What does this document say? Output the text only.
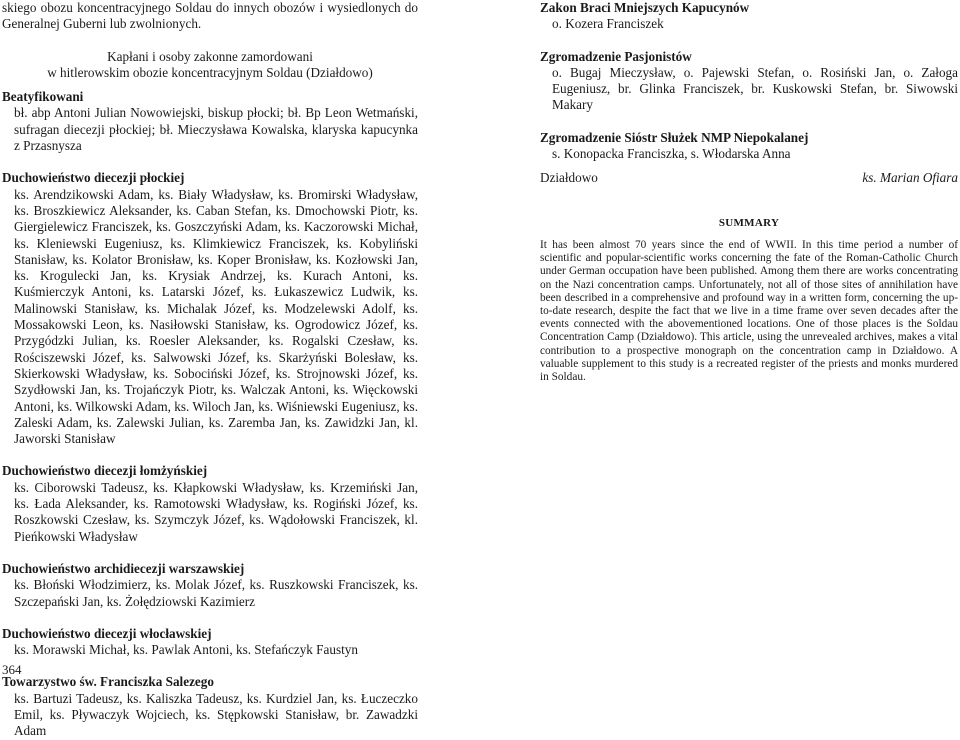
skiego obozu koncentracyjnego Soldau do innych obozów i wysiedlonych do Generalnej Guberni lub zwolnionych.

Kapłani i osoby zakonne zamordowani

w hitlerowskim obozie koncentracyjnym Soldau (Działdowo)

Beatyfikowani

bł. abp Antoni Julian Nowowiejski, biskup płocki; bł. Bp Leon Wetmański, sufragan diecezji płockiej; bł. Mieczysława Kowalska, klaryska kapucynka z Przasnysza

Duchowieństwo diecezji płockiej

ks. Arendzikowski Adam, ks. Biały Władysław, ks. Bromirski Władysław, ks. Broszkiewicz Aleksander, ks. Caban Stefan, ks. Dmochowski Piotr, ks. Giergielewicz Franciszek, ks. Goszczyński Adam, ks. Kaczorowski Michał, ks. Kleniewski Eugeniusz, ks. Klimkiewicz Franciszek, ks. Kobyliński Stanisław, ks. Kolator Bronisław, ks. Koper Bronisław, ks. Kozłowski Jan, ks. Krogulecki Jan, ks. Krysiak Andrzej, ks. Kurach Antoni, ks. Kuśmierczyk Antoni, ks. Latarski Józef, ks. Łukaszewicz Ludwik, ks. Malinowski Stanisław, ks. Michalak Józef, ks. Modzelewski Adolf, ks. Mossakowski Leon, ks. Nasiłowski Stanisław, ks. Ogrodowicz Józef, ks. Przygódzki Julian, ks. Roesler Aleksander, ks. Rogalski Czesław, ks. Rościszewski Józef, ks. Salwowski Józef, ks. Skarżyński Bolesław, ks. Skierkowski Władysław, ks. Sobociński Józef, ks. Strojnowski Józef, ks. Szydłowski Jan, ks. Trojańczyk Piotr, ks. Walczak Antoni, ks. Więckowski Antoni, ks. Wilkowski Adam, ks. Wiloch Jan, ks. Wiśniewski Eugeniusz, ks. Zaleski Adam, ks. Zalewski Julian, ks. Zaremba Jan, ks. Zawidzki Jan, kl. Jaworski Stanisław

Duchowieństwo diecezji łomżyńskiej

ks. Ciborowski Tadeusz, ks. Kłapkowski Władysław, ks. Krzemiński Jan, ks. Łada Aleksander, ks. Ramotowski Władysław, ks. Rogiński Józef, ks. Roszkowski Czesław, ks. Szymczyk Józef, ks. Wądołowski Franciszek, kl. Pieńkowski Władysław

Duchowieństwo archidiecezji warszawskiej

ks. Błoński Włodzimierz, ks. Molak Józef, ks. Ruszkowski Franciszek, ks. Szczepański Jan, ks. Żołędziowski Kazimierz

Duchowieństwo diecezji włocławskiej

ks. Morawski Michał, ks. Pawlak Antoni, ks. Stefańczyk Faustyn

Towarzystwo św. Franciszka Salezego

ks. Bartuzi Tadeusz, ks. Kaliszka Tadeusz, ks. Kurdziel Jan, ks. Łuczeczko Emil, ks. Pływaczyk Wojciech, ks. Stępkowski Stanisław, br. Zawadzki Adam

Zakon Braci Mniejszych Kapucynów

o. Kozera Franciszek

Zgromadzenie Pasjonistów

o. Bugaj Mieczysław, o. Pajewski Stefan, o. Rosiński Jan, o. Załoga Eugeniusz, br. Glinka Franciszek, br. Kuskowski Stefan, br. Siwowski Makary

Zgromadzenie Sióstr Służek NMP Niepokalanej

s. Konopacka Franciszka, s. Włodarska Anna

Działdowo	ks. Marian Ofiara

SUMMARY

It has been almost 70 years since the end of WWII. In this time period a number of scientific and popular-scientific works concerning the fate of the Roman-Catholic Church under German occupation have been published. Among them there are works concentrating on the Nazi concentration camps. Unfortunately, not all of those sites of annihilation have been described in a comprehensive and profound way in a written form, concerning the up-to-date research, despite the fact that we live in a time frame over seven decades after the events connected with the abovementioned locations. One of those places is the Soldau Concentration Camp (Działdowo). This article, using the unrevealed archives, makes a vital contribution to a prospective monograph on the concentration camp in Działdowo. A valuable supplement to this study is a recreated register of the priests and monks murdered in Soldau.

364
